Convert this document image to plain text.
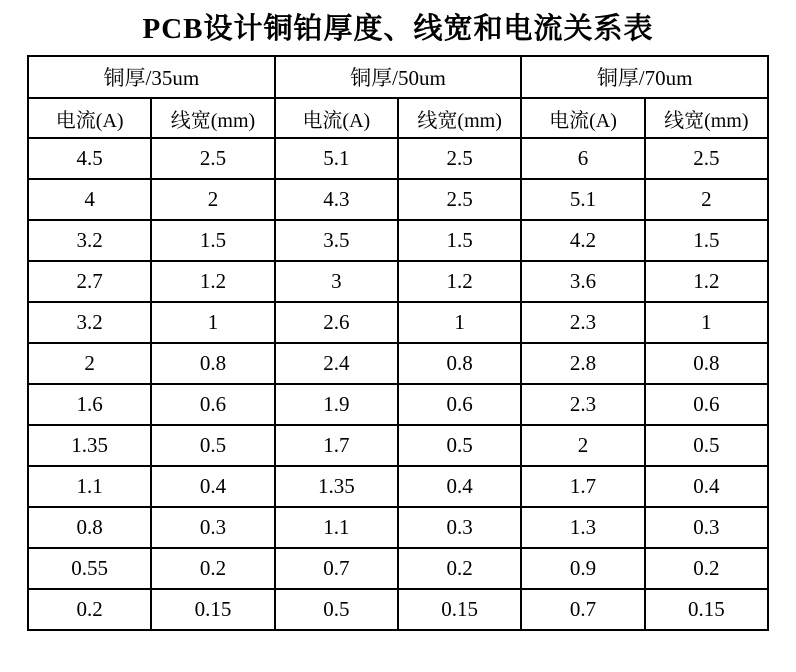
PCB设计铜铂厚度、线宽和电流关系表
铜厚/35um		铜厚/50um		铜厚/70um	
电流(A)	线宽(mm)	电流(A)	线宽(mm)	电流(A)	线宽(mm)
4.5	2.5	5.1	2.5	6	2.5
4	2	4.3	2.5	5.1	2
3.2	1.5	3.5	1.5	4.2	1.5
2.7	1.2	3	1.2	3.6	1.2
3.2	1	2.6	1	2.3	1
2	0.8	2.4	0.8	2.8	0.8
1.6	0.6	1.9	0.6	2.3	0.6
1.35	0.5	1.7	0.5	2	0.5
1.1	0.4	1.35	0.4	1.7	0.4
0.8	0.3	1.1	0.3	1.3	0.3
0.55	0.2	0.7	0.2	0.9	0.2
0.2	0.15	0.5	0.15	0.7	0.15
